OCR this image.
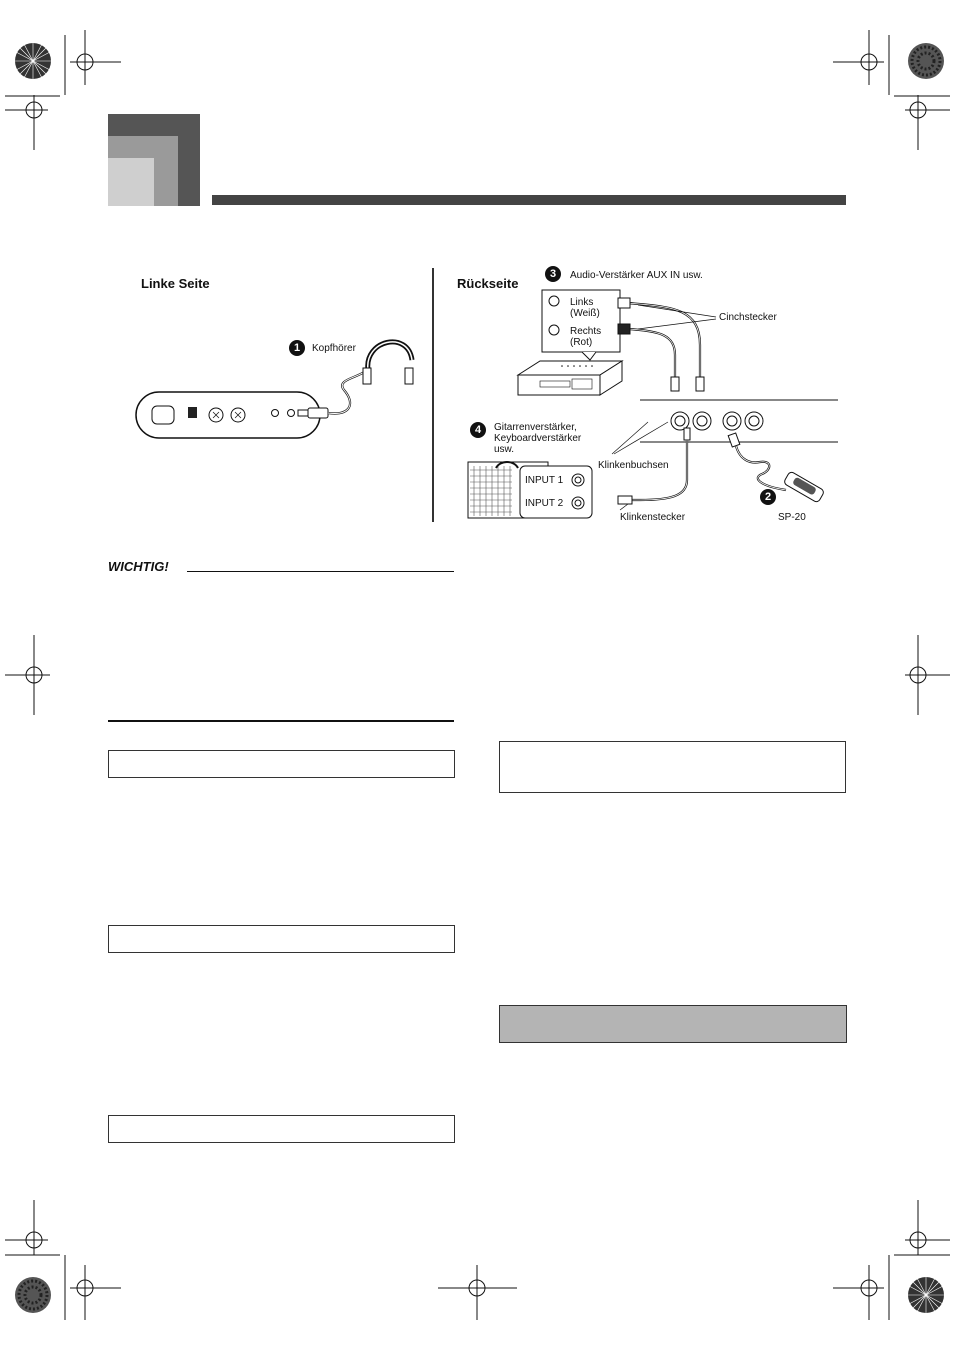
Linke Seite	Rückseite
1	Kopfhörer
3	Audio-Verstärker AUX IN usw.
Links
(Weiß)
Rechts
(Rot)
Cinchstecker
4	Gitarrenverstärker,
Keyboardverstärker
usw.
INPUT 1
INPUT 2
Klinkenbuchsen
Klinkenstecker
2
SP-20
WICHTIG!
